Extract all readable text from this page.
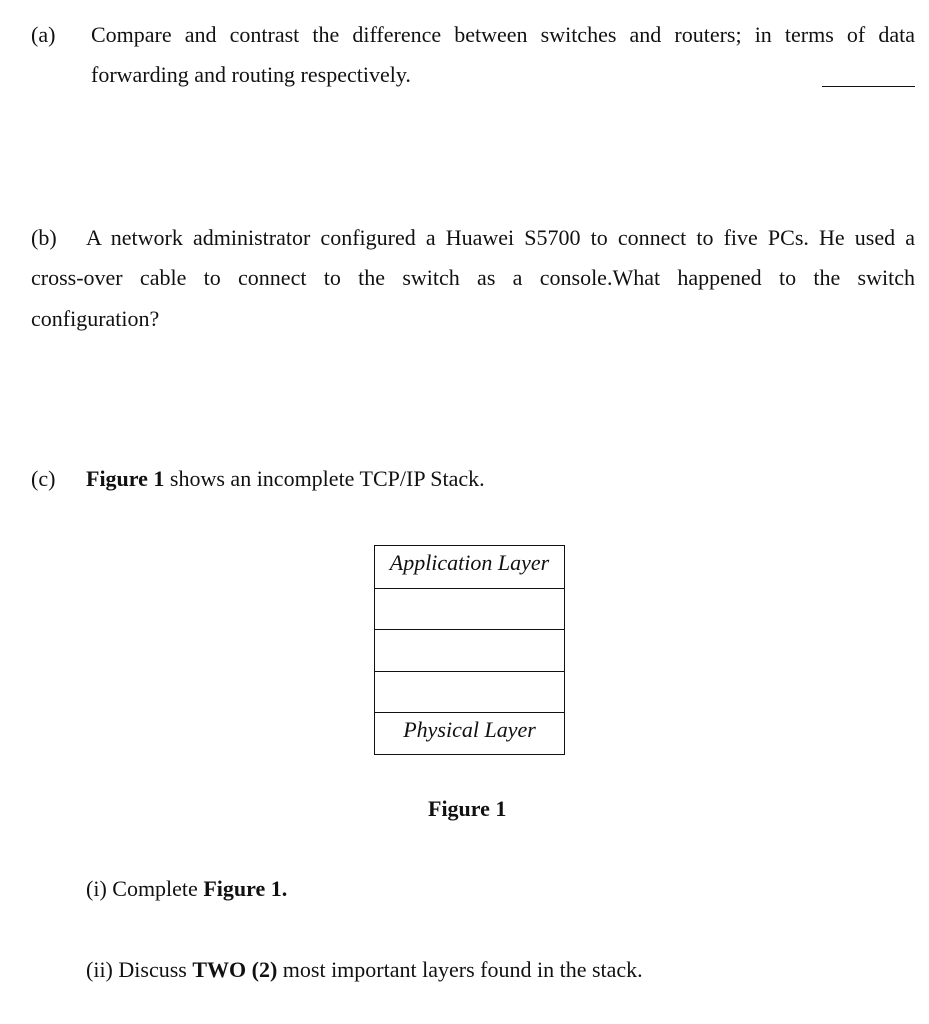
(a) Compare and contrast the difference between switches and routers; in terms of data
forwarding and routing respectively.
(b) A network administrator configured a Huawei S5700 to connect to five PCs. He used a
cross-over cable to connect to the switch as a console.What happened to the switch
configuration?
(c) Figure 1 shows an incomplete TCP/IP Stack.
Application Layer
Physical Layer
Figure 1
(i) Complete Figure 1.
(ii) Discuss TWO (2) most important layers found in the stack.
